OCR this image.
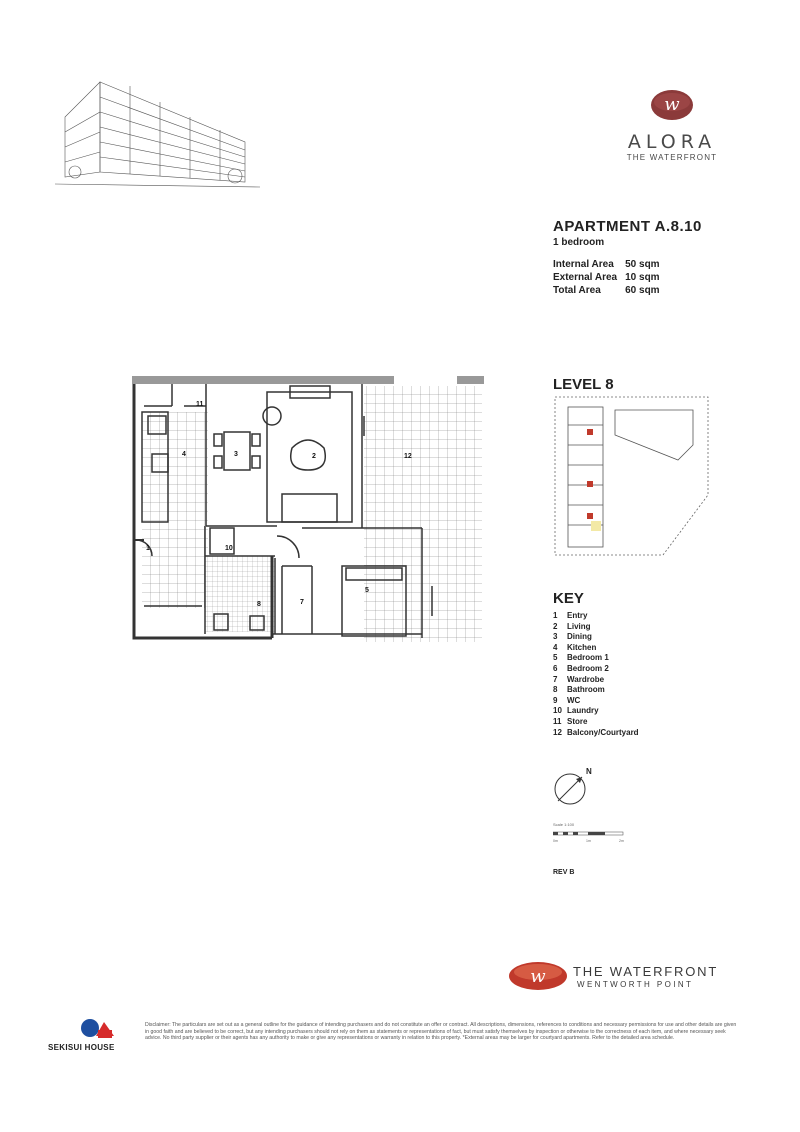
w
ALORA
THE WATERFRONT
APARTMENT A.8.10
1 bedroom
Internal Area	50 sqm
External Area	10 sqm
Total Area	60 sqm
11
2
3
4	12
1	10
5
7
8
LEVEL 8
KEY
1 Entry
2 Living
3 Dining
4 Kitchen
5 Bedroom 1
6 Bedroom 2
7 Wardrobe
8 Bathroom
9 WC
10 Laundry
11 Store
12 Balcony/Courtyard
N
Scale 1:100
0m	1m	2m
REV B
w THE WATERFRONT
WENTWORTH POINT
SEKISUI HOUSE
Disclaimer: The particulars are set out as a general outline for the guidance of intending purchasers and do not constitute an offer or contract. All descriptions, dimensions, references to conditions and necessary permissions for use and other details are given in good faith and are believed to be correct, but any intending purchasers should not rely on them as statements or representations of fact, but must satisfy themselves by inspection or otherwise to the correctness of each item, and where necessary seek advice. No third party supplier or their agents has any authority to make or give any representations or warranty in relation to this property. *External areas may be larger for courtyard apartments. Refer to the detailed area schedule.
